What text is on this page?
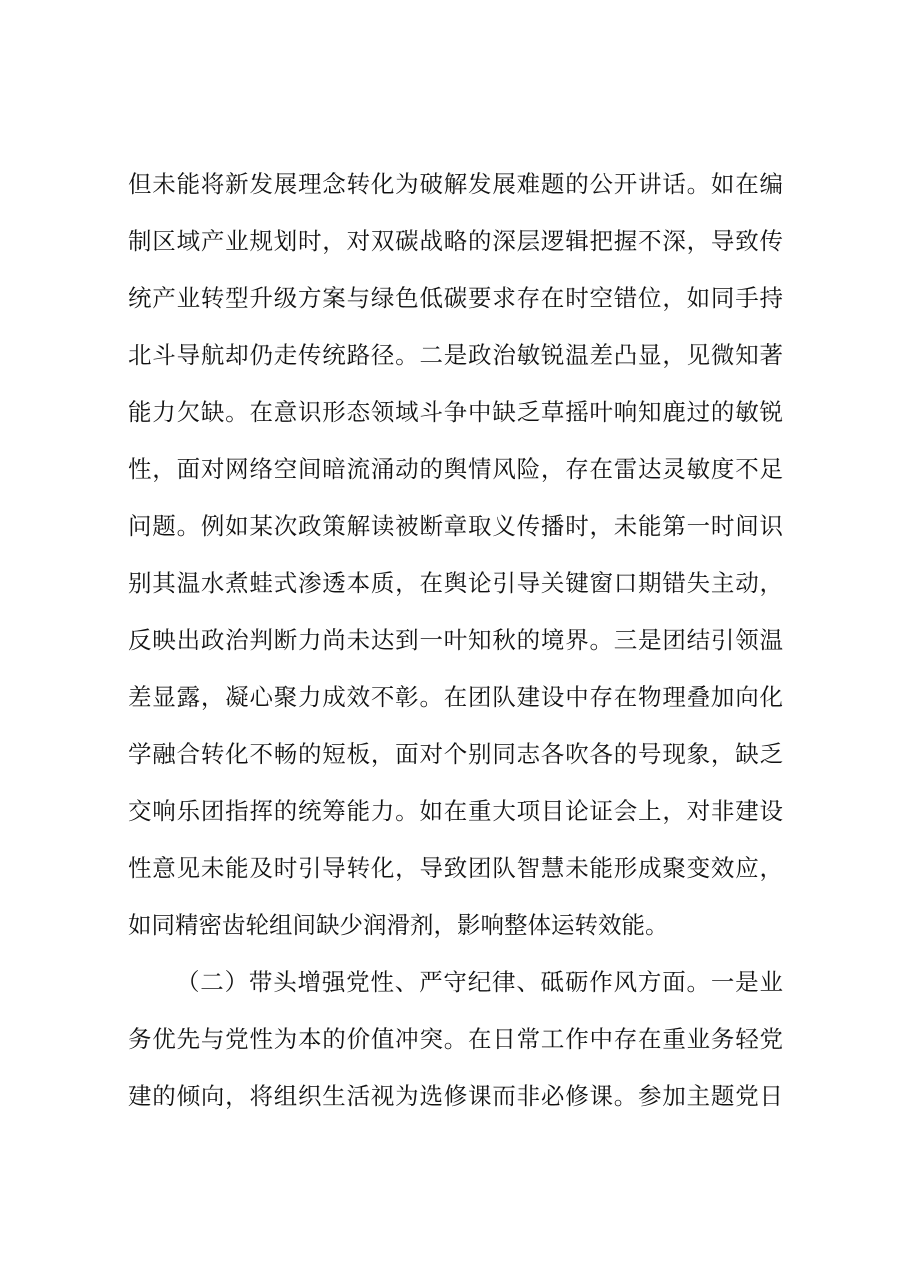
但未能将新发展理念转化为破解发展难题的公开讲话。如在编
制区域产业规划时，对双碳战略的深层逻辑把握不深，导致传
统产业转型升级方案与绿色低碳要求存在时空错位，如同手持
北斗导航却仍走传统路径。二是政治敏锐温差凸显，见微知著
能力欠缺。在意识形态领域斗争中缺乏草摇叶响知鹿过的敏锐
性，面对网络空间暗流涌动的舆情风险，存在雷达灵敏度不足
问题。例如某次政策解读被断章取义传播时，未能第一时间识
别其温水煮蛙式渗透本质，在舆论引导关键窗口期错失主动，
反映出政治判断力尚未达到一叶知秋的境界。三是团结引领温
差显露，凝心聚力成效不彰。在团队建设中存在物理叠加向化
学融合转化不畅的短板，面对个别同志各吹各的号现象，缺乏
交响乐团指挥的统筹能力。如在重大项目论证会上，对非建设
性意见未能及时引导转化，导致团队智慧未能形成聚变效应，
如同精密齿轮组间缺少润滑剂，影响整体运转效能。
（二）带头增强党性、严守纪律、砥砺作风方面。一是业
务优先与党性为本的价值冲突。在日常工作中存在重业务轻党
建的倾向，将组织生活视为选修课而非必修课。参加主题党日
